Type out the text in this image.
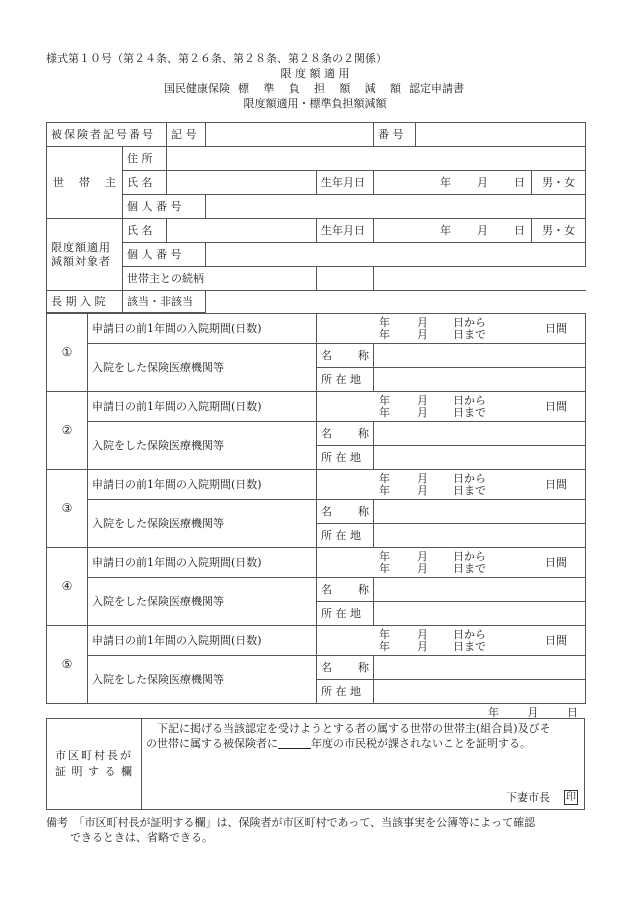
様式第１０号（第２４条、第２６条、第２８条、第２８条の２関係）
限 度 額 適 用
国民健康保険 標 準 負 担 額 減 額 認定申請書
限度額適用・標準負担額減額
被保険者記号番号		記 号			番 号		

世 帯 主	住 所						
	氏 名			生年月日	年 月 日		男・女
	個 人 番 号						

限度額適用
減額対象者
	氏 名		生年月日	年 月 日	男・女
	個 人 番 号						
	世帯主との続柄						
長 期 入 院	該当・非該当						
①	申請日の前1年間の入院期間(日数)	年 月 日から
年 月 日まで	日間

	入院をした保険医療機関等	名 称	

		所 在 地	
②	申請日の前1年間の入院期間(日数)	年 月 日から
年 月 日まで	日間

	入院をした保険医療機関等	名 称	

		所 在 地	
③	申請日の前1年間の入院期間(日数)	年 月 日から
年 月 日まで	日間

	入院をした保険医療機関等	名 称	

		所 在 地	
④	申請日の前1年間の入院期間(日数)	年 月 日から
年 月 日まで	日間

	入院をした保険医療機関等	名 称	

		所 在 地	
⑤	申請日の前1年間の入院期間(日数)	年 月 日から
年 月 日まで	日間

	入院をした保険医療機関等	名 称	

		所 在 地	
年	月	日
市区町村長が
証 明 す る 欄
　下記に掲げる当該認定を受けようとする者の属する世帯の世帯主(組合員)及びそ
の世帯に属する被保険者に　　　	年度の市民税が課されないことを証明する。
下妻市長 印
備考　「市区町村長が証明する欄」は、保険者が市区町村であって、当該事実を公簿等によって確認
できるときは、省略できる。
